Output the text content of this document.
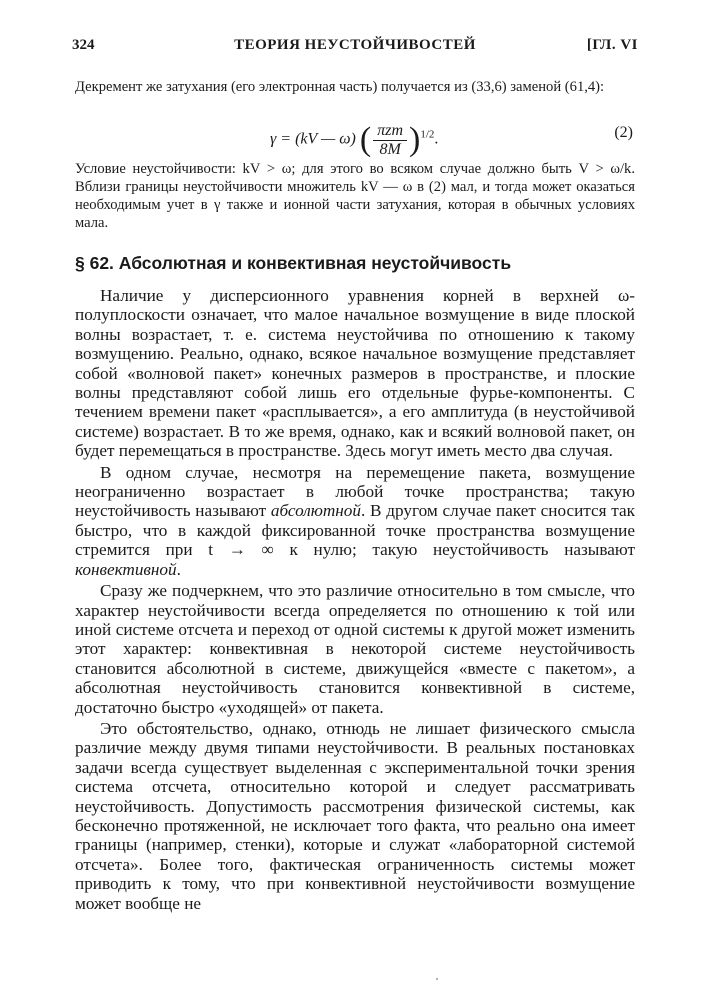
324	ТЕОРИЯ НЕУСТОЙЧИВОСТЕЙ	[ГЛ. VI

Декремент же затухания (его электронная часть) получается из (33,6) заменой (61,4):

γ = (kV — ω) ( $\frac{\text{πzm}}{8M} )^{1/2}$.	(2)

Условие неустойчивости: kV > ω; для этого во всяком случае должно быть V > ω/k. Вблизи границы неустойчивости множитель kV — ω в (2) мал, и тогда может оказаться необходимым учет в γ также и ионной части затухания, которая в обычных условиях мала.

§ 62. Абсолютная и конвективная неустойчивость

Наличие у дисперсионного уравнения корней в верхней ω-полуплоскости означает, что малое начальное возмущение в виде плоской волны возрастает, т. е. система неустойчива по отношению к такому возмущению. Реально, однако, всякое начальное возмущение представляет собой «волновой пакет» конечных размеров в пространстве, и плоские волны представляют собой лишь его отдельные фурье-компоненты. С течением времени пакет «расплывается», а его амплитуда (в неустойчивой системе) возрастает. В то же время, однако, как и всякий волновой пакет, он будет перемещаться в пространстве. Здесь могут иметь место два случая.

В одном случае, несмотря на перемещение пакета, возмущение неограниченно возрастает в любой точке пространства; такую неустойчивость называют абсолютной. В другом случае пакет сносится так быстро, что в каждой фиксированной точке пространства возмущение стремится при t → ∞ к нулю; такую неустойчивость называют конвективной.

Сразу же подчеркнем, что это различие относительно в том смысле, что характер неустойчивости всегда определяется по отношению к той или иной системе отсчета и переход от одной системы к другой может изменить этот характер: конвективная в некоторой системе неустойчивость становится абсолютной в системе, движущейся «вместе с пакетом», а абсолютная неустойчивость становится конвективной в системе, достаточно быстро «уходящей» от пакета.

Это обстоятельство, однако, отнюдь не лишает физического смысла различие между двумя типами неустойчивости. В реальных постановках задачи всегда существует выделенная с экспериментальной точки зрения система отсчета, относительно которой и следует рассматривать неустойчивость. Допустимость рассмотрения физической системы, как бесконечно протяженной, не исключает того факта, что реально она имеет границы (например, стенки), которые и служат «лабораторной системой отсчета». Более того, фактическая ограниченность системы может приводить к тому, что при конвективной неустойчивости возмущение может вообще не
